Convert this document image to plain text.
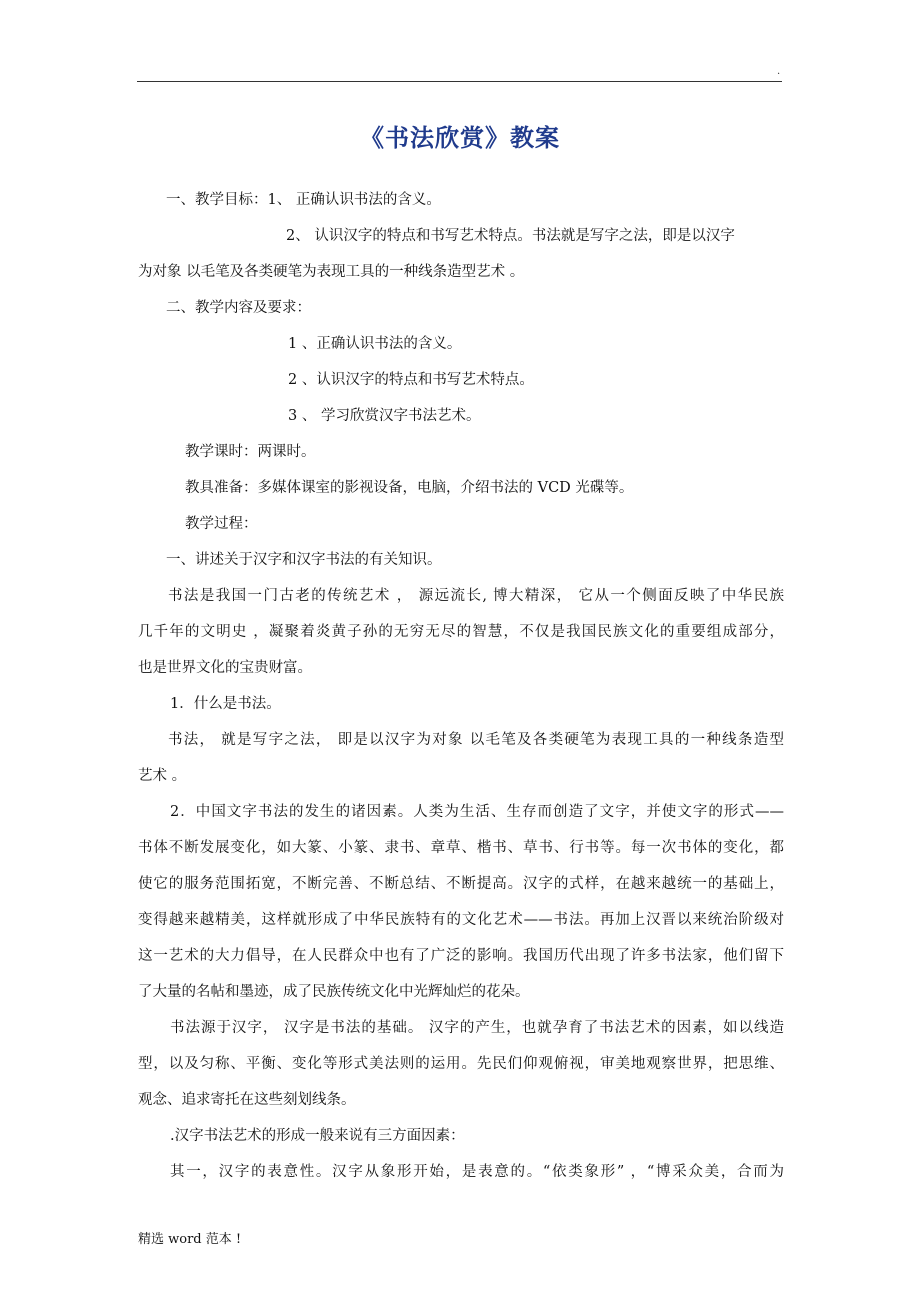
.
《书法欣赏》教案
一、教学目标：1、 正确认识书法的含义。
2、 认识汉字的特点和书写艺术特点。书法就是写字之法，即是以汉字
为对象 以毛笔及各类硬笔为表现工具的一种线条造型艺术 。
二、教学内容及要求：
1 、正确认识书法的含义。
2 、认识汉字的特点和书写艺术特点。
3 、 学习欣赏汉字书法艺术。
教学课时：两课时。
教具准备：多媒体课室的影视设备，电脑，介绍书法的 VCD 光碟等。
教学过程：
一、讲述关于汉字和汉字书法的有关知识。
书法是我国一门古老的传统艺术 ， 源远流长, 博大精深， 它从一个侧面反映了中华民族
几千年的文明史 ，凝聚着炎黄子孙的无穷无尽的智慧，不仅是我国民族文化的重要组成部分，
也是世界文化的宝贵财富。
1．什么是书法。
书法， 就是写字之法， 即是以汉字为对象 以毛笔及各类硬笔为表现工具的一种线条造型
艺术 。
2．中国文字书法的发生的诸因素。人类为生活、生存而创造了文字，并使文字的形式——
书体不断发展变化，如大篆、小篆、隶书、章草、楷书、草书、行书等。每一次书体的变化，都
使它的服务范围拓宽，不断完善、不断总结、不断提高。汉字的式样，在越来越统一的基础上，
变得越来越精美，这样就形成了中华民族特有的文化艺术——书法。再加上汉晋以来统治阶级对
这一艺术的大力倡导，在人民群众中也有了广泛的影响。我国历代出现了许多书法家，他们留下
了大量的名帖和墨迹，成了民族传统文化中光辉灿烂的花朵。
书法源于汉字， 汉字是书法的基础。 汉字的产生，也就孕育了书法艺术的因素，如以线造
型，以及匀称、平衡、变化等形式美法则的运用。先民们仰观俯视，审美地观察世界，把思维、
观念、追求寄托在这些刻划线条。
.汉字书法艺术的形成一般来说有三方面因素：
其一，汉字的表意性。汉字从象形开始，是表意的。“依类象形” ，“博采众美，合而为
精选 word 范本 !
